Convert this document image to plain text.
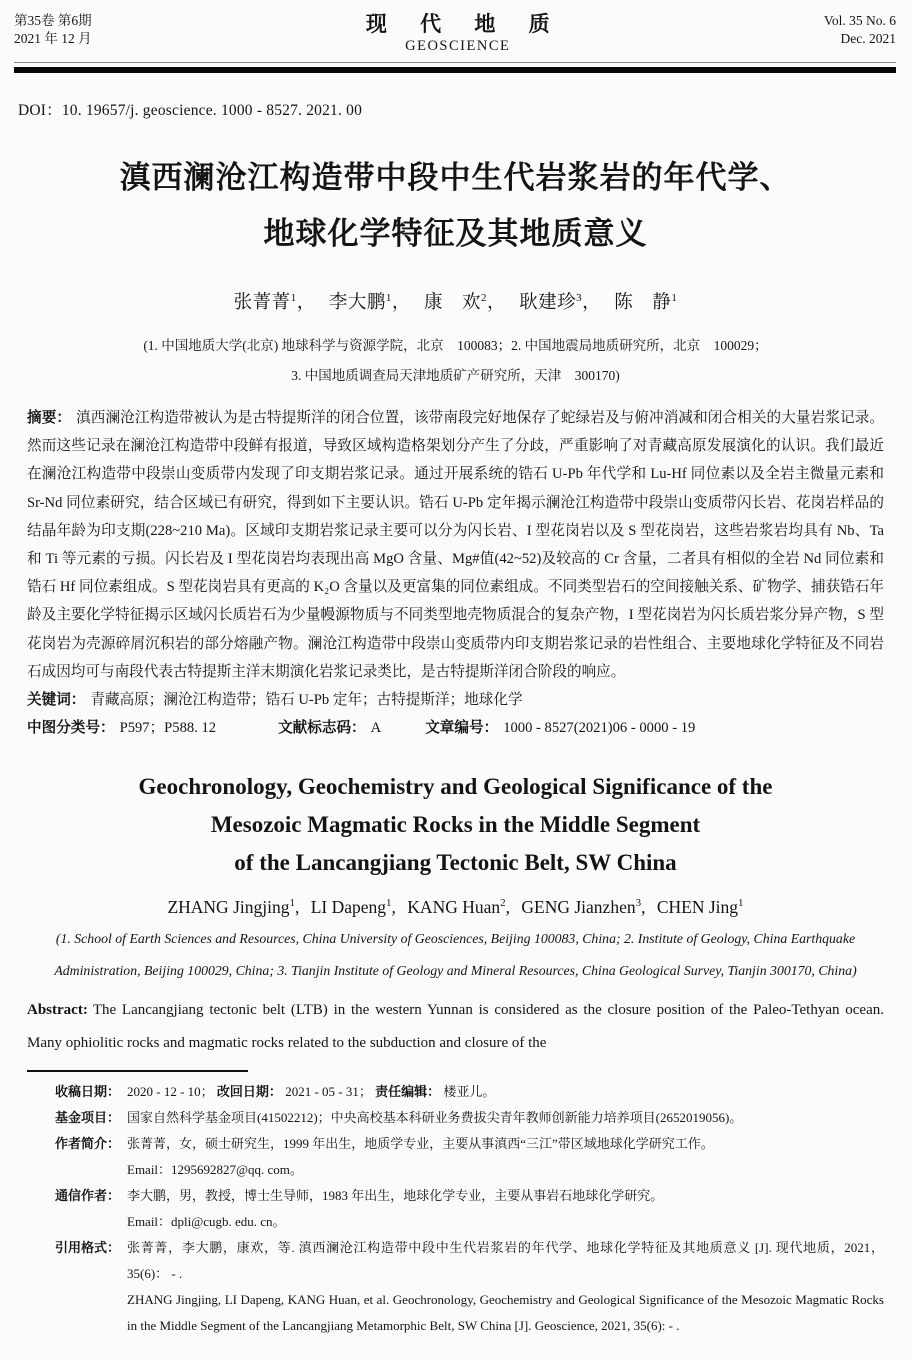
第35卷 第6期
2021 年 12 月
现 代 地 质
GEOSCIENCE
Vol. 35 No. 6
Dec. 2021
DOI：10. 19657/j. geoscience. 1000 - 8527. 2021. 00
滇西澜沧江构造带中段中生代岩浆岩的年代学、
地球化学特征及其地质意义
张菁菁$^1$， 李大鹏$^1$， 康　欢$^2$， 耿建珍$^3$， 陈　静$^1$
(1. 中国地质大学(北京) 地球科学与资源学院，北京　100083；2. 中国地震局地质研究所，北京　100029；
3. 中国地质调查局天津地质矿产研究所，天津　300170)
摘要： 滇西澜沧江构造带被认为是古特提斯洋的闭合位置，该带南段完好地保存了蛇绿岩及与俯冲消减和闭合相关的大量岩浆记录。然而这些记录在澜沧江构造带中段鲜有报道，导致区域构造格架划分产生了分歧，严重影响了对青藏高原发展演化的认识。我们最近在澜沧江构造带中段崇山变质带内发现了印支期岩浆记录。通过开展系统的锆石 U-Pb 年代学和 Lu-Hf 同位素以及全岩主微量元素和 Sr-Nd 同位素研究，结合区域已有研究，得到如下主要认识。锆石 U-Pb 定年揭示澜沧江构造带中段崇山变质带闪长岩、花岗岩样品的结晶年龄为印支期(228~210 Ma)。区域印支期岩浆记录主要可以分为闪长岩、I 型花岗岩以及 S 型花岗岩，这些岩浆岩均具有 Nb、Ta 和 Ti 等元素的亏损。闪长岩及 I 型花岗岩均表现出高 MgO 含量、Mg#值(42~52)及较高的 Cr 含量，二者具有相似的全岩 Nd 同位素和锆石 Hf 同位素组成。S 型花岗岩具有更高的 K₂O 含量以及更富集的同位素组成。不同类型岩石的空间接触关系、矿物学、捕获锆石年龄及主要化学特征揭示区域闪长质岩石为少量幔源物质与不同类型地壳物质混合的复杂产物，I 型花岗岩为闪长质岩浆分异产物，S 型花岗岩为壳源碎屑沉积岩的部分熔融产物。澜沧江构造带中段崇山变质带内印支期岩浆记录的岩性组合、主要地球化学特征及不同岩石成因均可与南段代表古特提斯主洋末期演化岩浆记录类比，是古特提斯洋闭合阶段的响应。
关键词： 青藏高原；澜沧江构造带；锆石 U-Pb 定年；古特提斯洋；地球化学
中图分类号： P597；P588. 12	文献标志码： A	文章编号： 1000 - 8527(2021)06 - 0000 - 19
Geochronology, Geochemistry and Geological Significance of the
Mesozoic Magmatic Rocks in the Middle Segment
of the Lancangjiang Tectonic Belt, SW China
ZHANG Jingjing$^1$, LI Dapeng$^1$, KANG Huan$^2$, GENG Jianzhen$^3$, CHEN Jing$^1$
(1. School of Earth Sciences and Resources, China University of Geosciences, Beijing 100083, China; 2. Institute of Geology, China Earthquake
Administration, Beijing 100029, China; 3. Tianjin Institute of Geology and Mineral Resources, China Geological Survey, Tianjin 300170, China)
Abstract: The Lancangjiang tectonic belt (LTB) in the western Yunnan is considered as the closure position of the Paleo-Tethyan ocean. Many ophiolitic rocks and magmatic rocks related to the subduction and closure of the
收稿日期： 2020 - 12 - 10； 改回日期： 2021 - 05 - 31； 责任编辑： 楼亚儿。
基金项目： 国家自然科学基金项目(41502212)；中央高校基本科研业务费拔尖青年教师创新能力培养项目(2652019056)。
作者简介： 张菁菁，女，硕士研究生，1999 年出生，地质学专业，主要从事滇西“三江”带区域地球化学研究工作。
Email：1295692827@qq. com。
通信作者： 李大鹏，男，教授，博士生导师，1983 年出生，地球化学专业，主要从事岩石地球化学研究。
Email：dpli@cugb. edu. cn。
引用格式： 张菁菁，李大鹏，康欢，等. 滇西澜沧江构造带中段中生代岩浆岩的年代学、地球化学特征及其地质意义 [J]. 现代地质，2021，35(6)： - .
ZHANG Jingjing, LI Dapeng, KANG Huan, et al. Geochronology, Geochemistry and Geological Significance of the Mesozoic Magmatic Rocks in the Middle Segment of the Lancangjiang Metamorphic Belt, SW China [J]. Geoscience, 2021, 35(6): - .
